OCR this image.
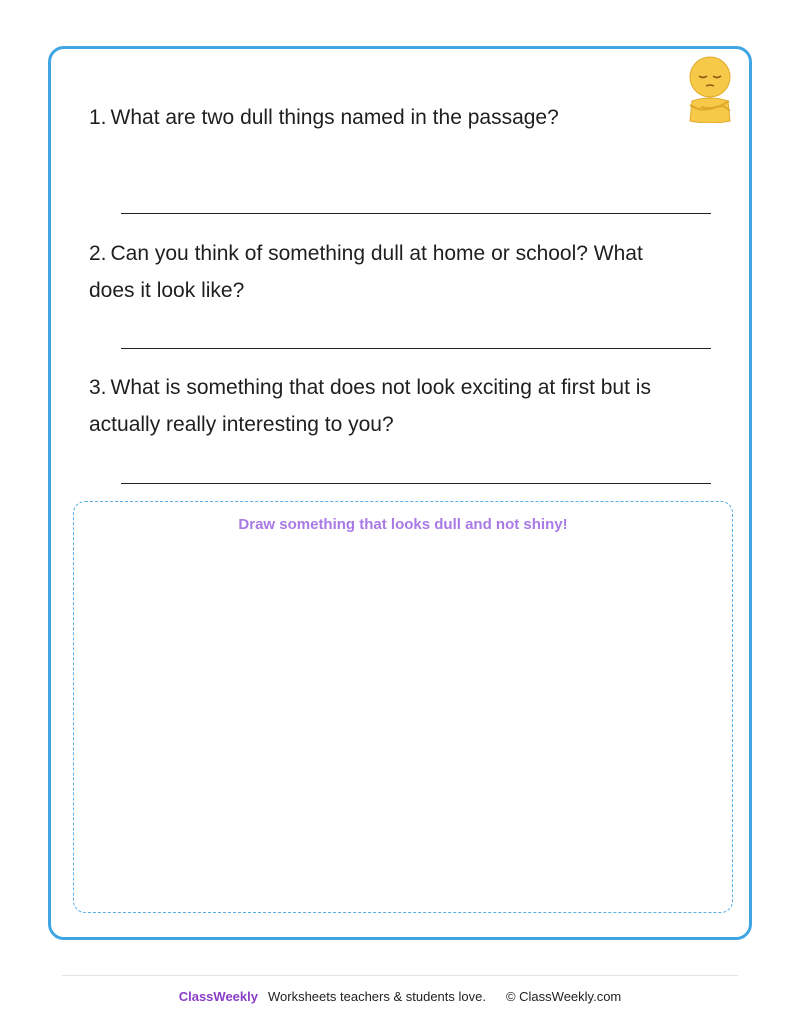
1. What are two dull things named in the passage?

2. Can you think of something dull at home or school? What does it look like?

3. What is something that does not look exciting at first but is actually really interesting to you?

Draw something that looks dull and not shiny!
ClassWeekly Worksheets teachers & students love. © ClassWeekly.com
